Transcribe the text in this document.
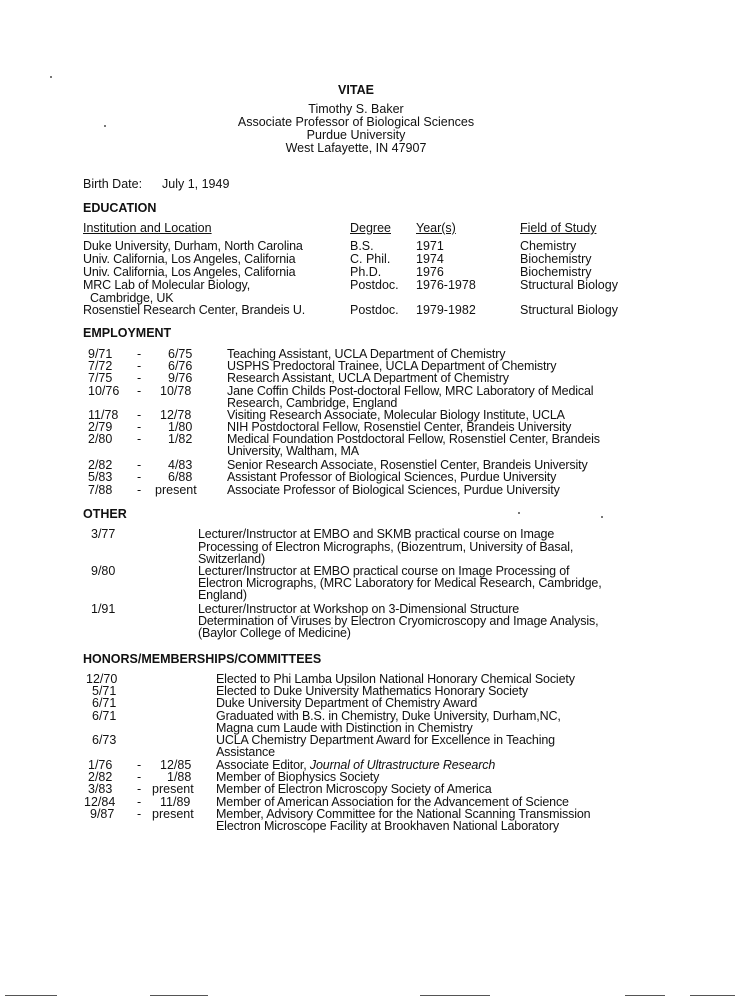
VITAE
Timothy S. Baker
Associate Professor of Biological Sciences
Purdue University
West Lafayette, IN 47907
Birth Date: July 1, 1949
EDUCATION
Institution and Location	Degree Year(s)	Field of Study
Duke University, Durham, North Carolina	B.S.	1971	Chemistry
Univ. California, Los Angeles, California	C. Phil. 1974	Biochemistry
Univ. California, Los Angeles, California	Ph.D.	1976	Biochemistry
MRC Lab of Molecular Biology,
Cambridge, UK
Postdoc. 1976-1978	Structural Biology
Rosenstiel Research Center, Brandeis U.	Postdoc. 1979-1982	Structural Biology
EMPLOYMENT
9/71 - 6/75	Teaching Assistant, UCLA Department of Chemistry
7/72 - 6/76	USPHS Predoctoral Trainee, UCLA Department of Chemistry
7/75 - 9/76	Research Assistant, UCLA Department of Chemistry
10/76 - 10/78	Jane Coffin Childs Post-doctoral Fellow, MRC Laboratory of Medical
Research, Cambridge, England
11/78 - 12/78	Visiting Research Associate, Molecular Biology Institute, UCLA
2/79 - 1/80	NIH Postdoctoral Fellow, Rosenstiel Center, Brandeis University
2/80 - 1/82	Medical Foundation Postdoctoral Fellow, Rosenstiel Center, Brandeis
University, Waltham, MA
2/82 - 4/83	Senior Research Associate, Rosenstiel Center, Brandeis University
5/83 - 6/88	Assistant Professor of Biological Sciences, Purdue University
7/88 - present Associate Professor of Biological Sciences, Purdue University
OTHER
3/77	Lecturer/Instructor at EMBO and SKMB practical course on Image
Processing of Electron Micrographs, (Biozentrum, University of Basal,
Switzerland)
9/80	Lecturer/Instructor at EMBO practical course on Image Processing of
Electron Micrographs, (MRC Laboratory for Medical Research, Cambridge,
England)
1/91	Lecturer/Instructor at Workshop on 3-Dimensional Structure
Determination of Viruses by Electron Cryomicroscopy and Image Analysis,
(Baylor College of Medicine)
HONORS/MEMBERSHIPS/COMMITTEES
12/70	Elected to Phi Lamba Upsilon National Honorary Chemical Society
5/71	Elected to Duke University Mathematics Honorary Society
6/71	Duke University Department of Chemistry Award
6/71	Graduated with B.S. in Chemistry, Duke University, Durham,NC,
Magna cum Laude with Distinction in Chemistry
6/73	UCLA Chemistry Department Award for Excellence in Teaching
Assistance
1/76 - 12/85 Associate Editor, Journal of Ultrastructure Research
2/82 - 1/88 Member of Biophysics Society
3/83 - present Member of Electron Microscopy Society of America
12/84 - 11/89 Member of American Association for the Advancement of Science
9/87 - present Member, Advisory Committee for the National Scanning Transmission
Electron Microscope Facility at Brookhaven National Laboratory
